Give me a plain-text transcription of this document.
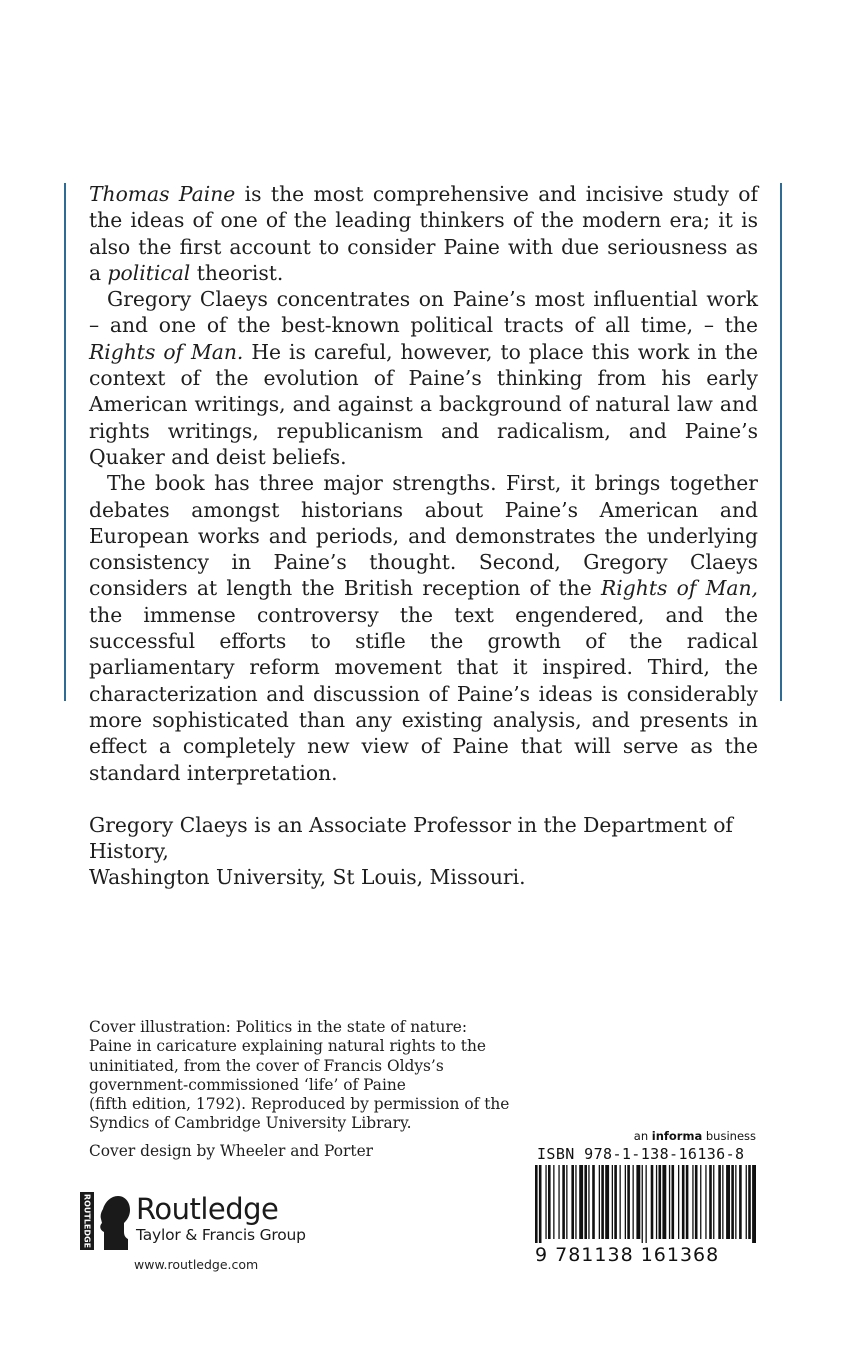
Thomas Paine is the most comprehensive and incisive study of the ideas of one of the leading thinkers of the modern era; it is also the first account to consider Paine with due seriousness as a political theorist.

Gregory Claeys concentrates on Paine’s most influential work – and one of the best-known political tracts of all time, – the Rights of Man. He is careful, however, to place this work in the context of the evolution of Paine’s thinking from his early American writings, and against a background of natural law and rights writings, republicanism and radicalism, and Paine’s Quaker and deist beliefs.

The book has three major strengths. First, it brings together debates amongst historians about Paine’s American and European works and periods, and demonstrates the underlying consistency in Paine’s thought. Second, Gregory Claeys considers at length the British reception of the Rights of Man, the immense controversy the text engendered, and the successful efforts to stifle the growth of the radical parliamentary reform movement that it inspired. Third, the characterization and discussion of Paine’s ideas is considerably more sophisticated than any existing analysis, and presents in effect a completely new view of Paine that will serve as the standard interpretation.

Gregory Claeys is an Associate Professor in the Department of History,
Washington University, St Louis, Missouri.

Cover illustration: Politics in the state of nature:
Paine in caricature explaining natural rights to the
uninitiated, from the cover of Francis Oldys’s
government-commissioned ‘life’ of Paine
(fifth edition, 1792). Reproduced by permission of the
Syndics of Cambridge University Library.
Cover design by Wheeler and Porter
ROUTLEDGE Routledge
Taylor & Francis Group
www.routledge.com
an informa business
ISBN 978-1-138-16136-8
9 781138 161368
